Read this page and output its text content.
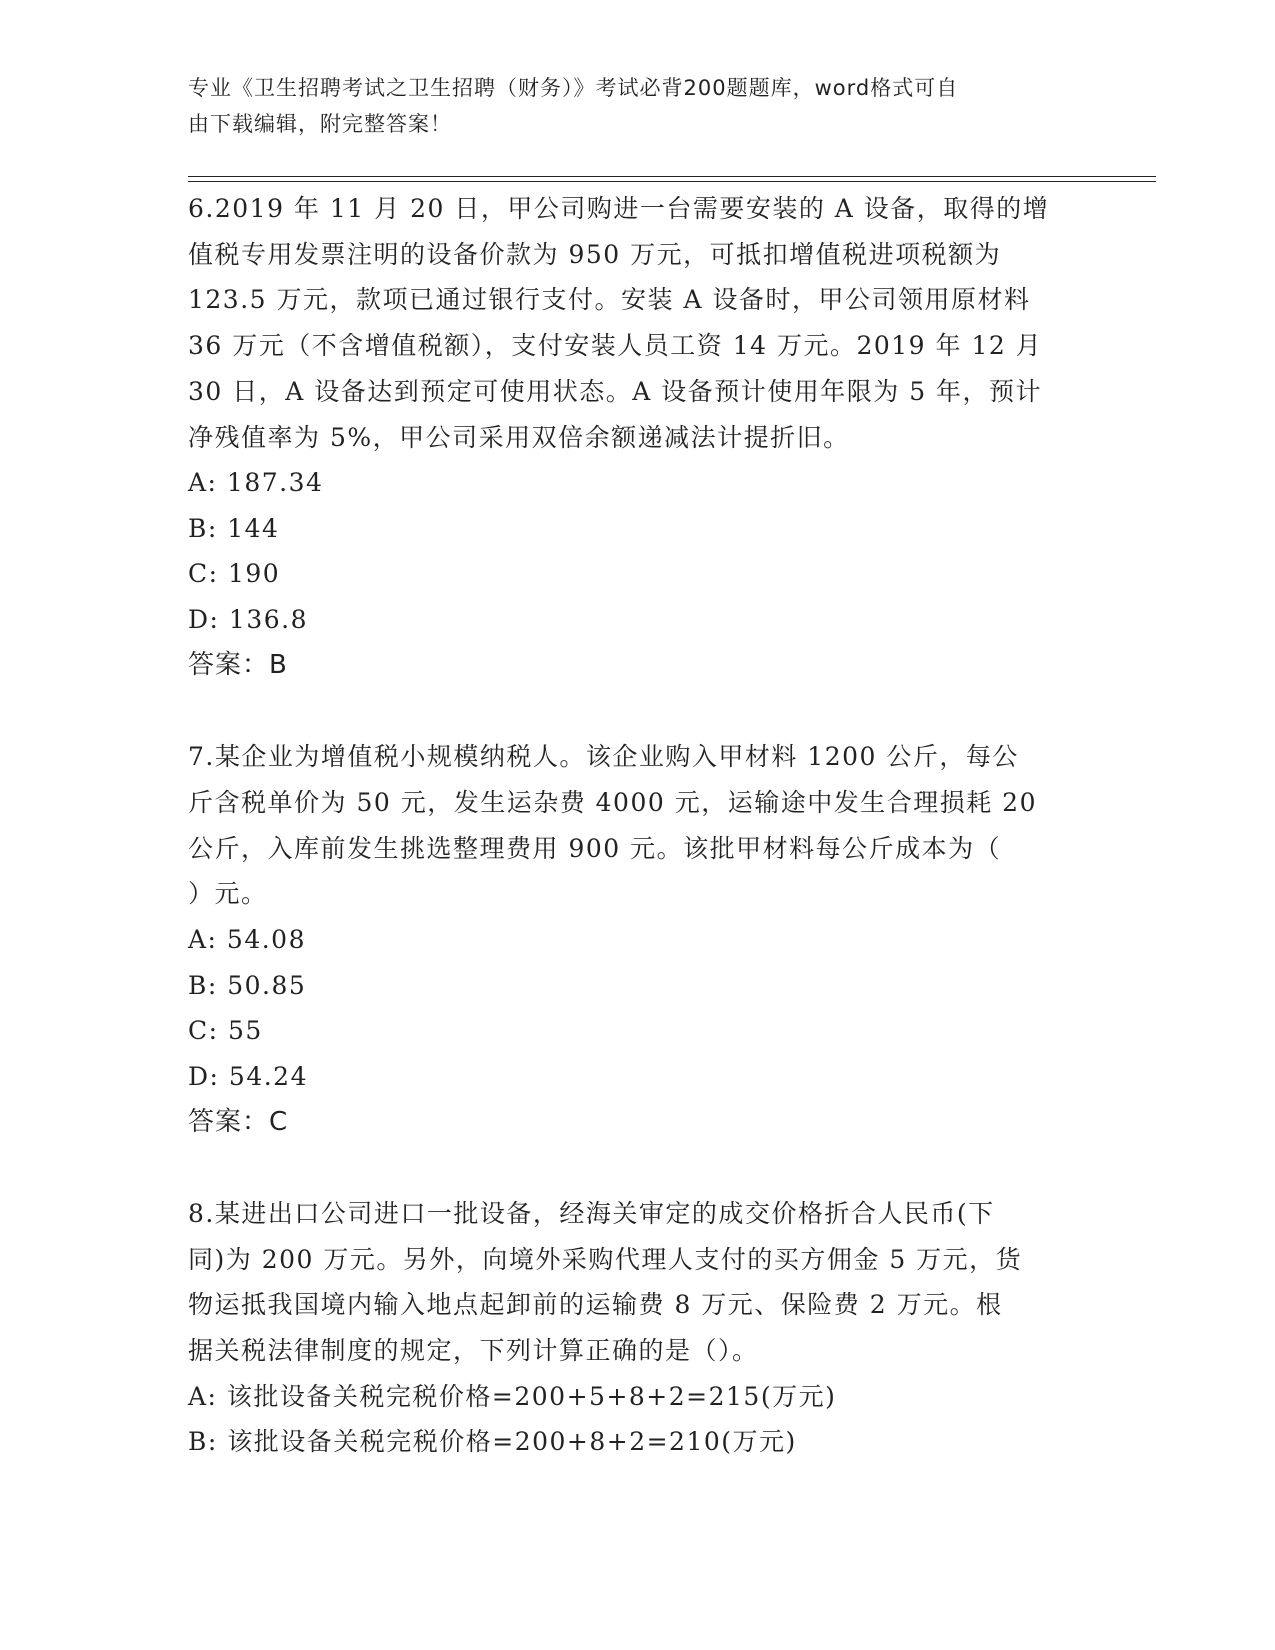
专业《卫生招聘考试之卫生招聘（财务）》考试必背200题题库，word格式可自
由下载编辑，附完整答案！

6.2019 年 11 月 20 日，甲公司购进一台需要安装的 A 设备，取得的增

值税专用发票注明的设备价款为 950 万元，可抵扣增值税进项税额为

123.5 万元，款项已通过银行支付。安装 A 设备时，甲公司领用原材料

36 万元（不含增值税额），支付安装人员工资 14 万元。2019 年 12 月

30 日，A 设备达到预定可使用状态。A 设备预计使用年限为 5 年，预计

净残值率为 5%，甲公司采用双倍余额递减法计提折旧。

A: 187.34

B: 144

C: 190

D: 136.8

答案：B

7.某企业为增值税小规模纳税人。该企业购入甲材料 1200 公斤，每公

斤含税单价为 50 元，发生运杂费 4000 元，运输途中发生合理损耗 20

公斤，入库前发生挑选整理费用 900 元。该批甲材料每公斤成本为（

）元。

A: 54.08

B: 50.85

C: 55

D: 54.24

答案：C

8.某进出口公司进口一批设备，经海关审定的成交价格折合人民币(下

同)为 200 万元。另外，向境外采购代理人支付的买方佣金 5 万元，货

物运抵我国境内输入地点起卸前的运输费 8 万元、保险费 2 万元。根

据关税法律制度的规定，下列计算正确的是（）。

A: 该批设备关税完税价格=200+5+8+2=215(万元)

B: 该批设备关税完税价格=200+8+2=210(万元)
